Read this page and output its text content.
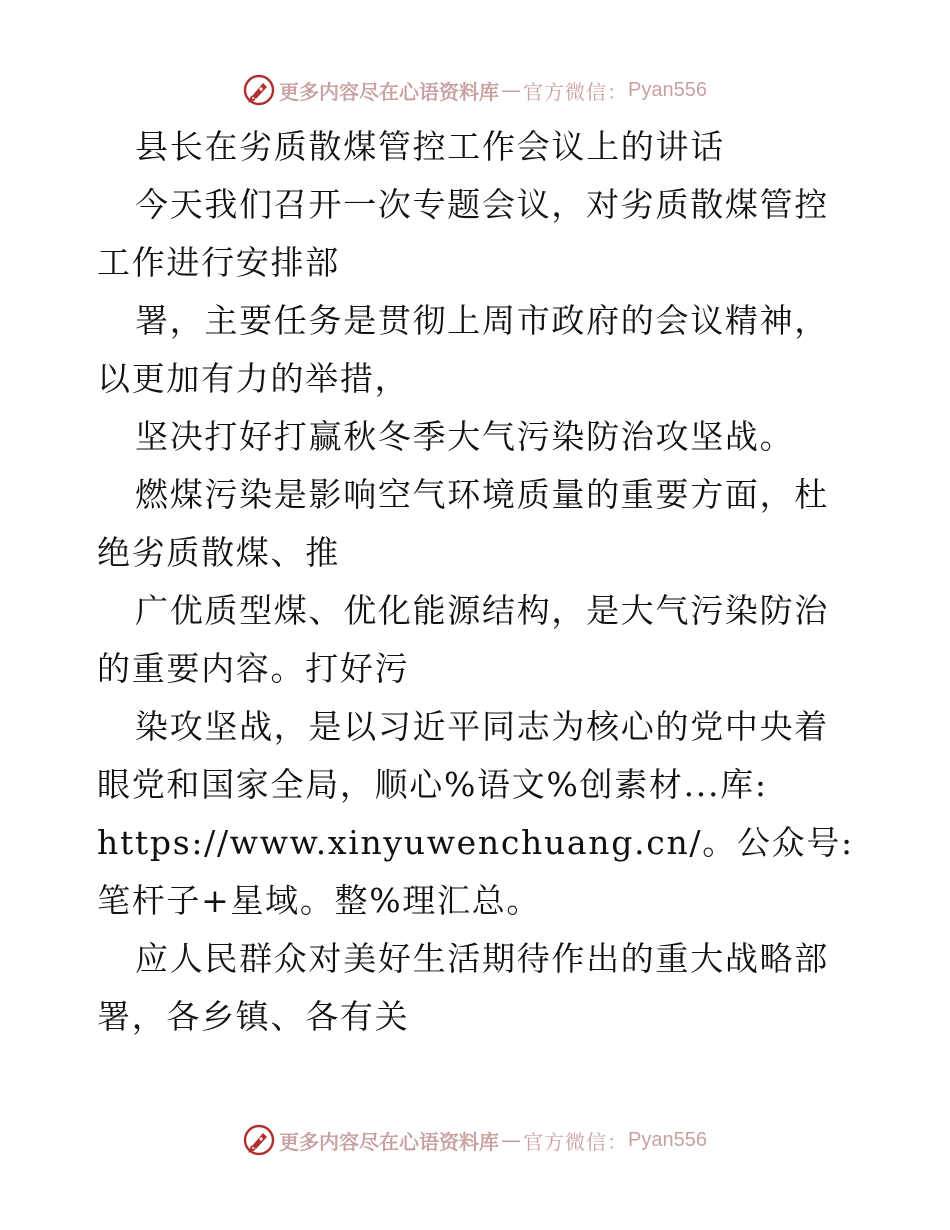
更多内容尽在心语资料库 — 官方微信： Pyan556

县长在劣质散煤管控工作会议上的讲话

今天我们召开一次专题会议，对劣质散煤管控工作进行安排部

署，主要任务是贯彻上周市政府的会议精神，以更加有力的举措，

坚决打好打赢秋冬季大气污染防治攻坚战。

燃煤污染是影响空气环境质量的重要方面，杜绝劣质散煤、推

广优质型煤、优化能源结构，是大气污染防治的重要内容。打好污

染攻坚战，是以习近平同志为核心的党中央着眼党和国家全局，顺心%语文%创素材...库:

https://www.xinyuwenchuang.cn/。公众号: 笔杆子+星域。整%理汇总。

应人民群众对美好生活期待作出的重大战略部署，各乡镇、各有关

更多内容尽在心语资料库 — 官方微信： Pyan556
